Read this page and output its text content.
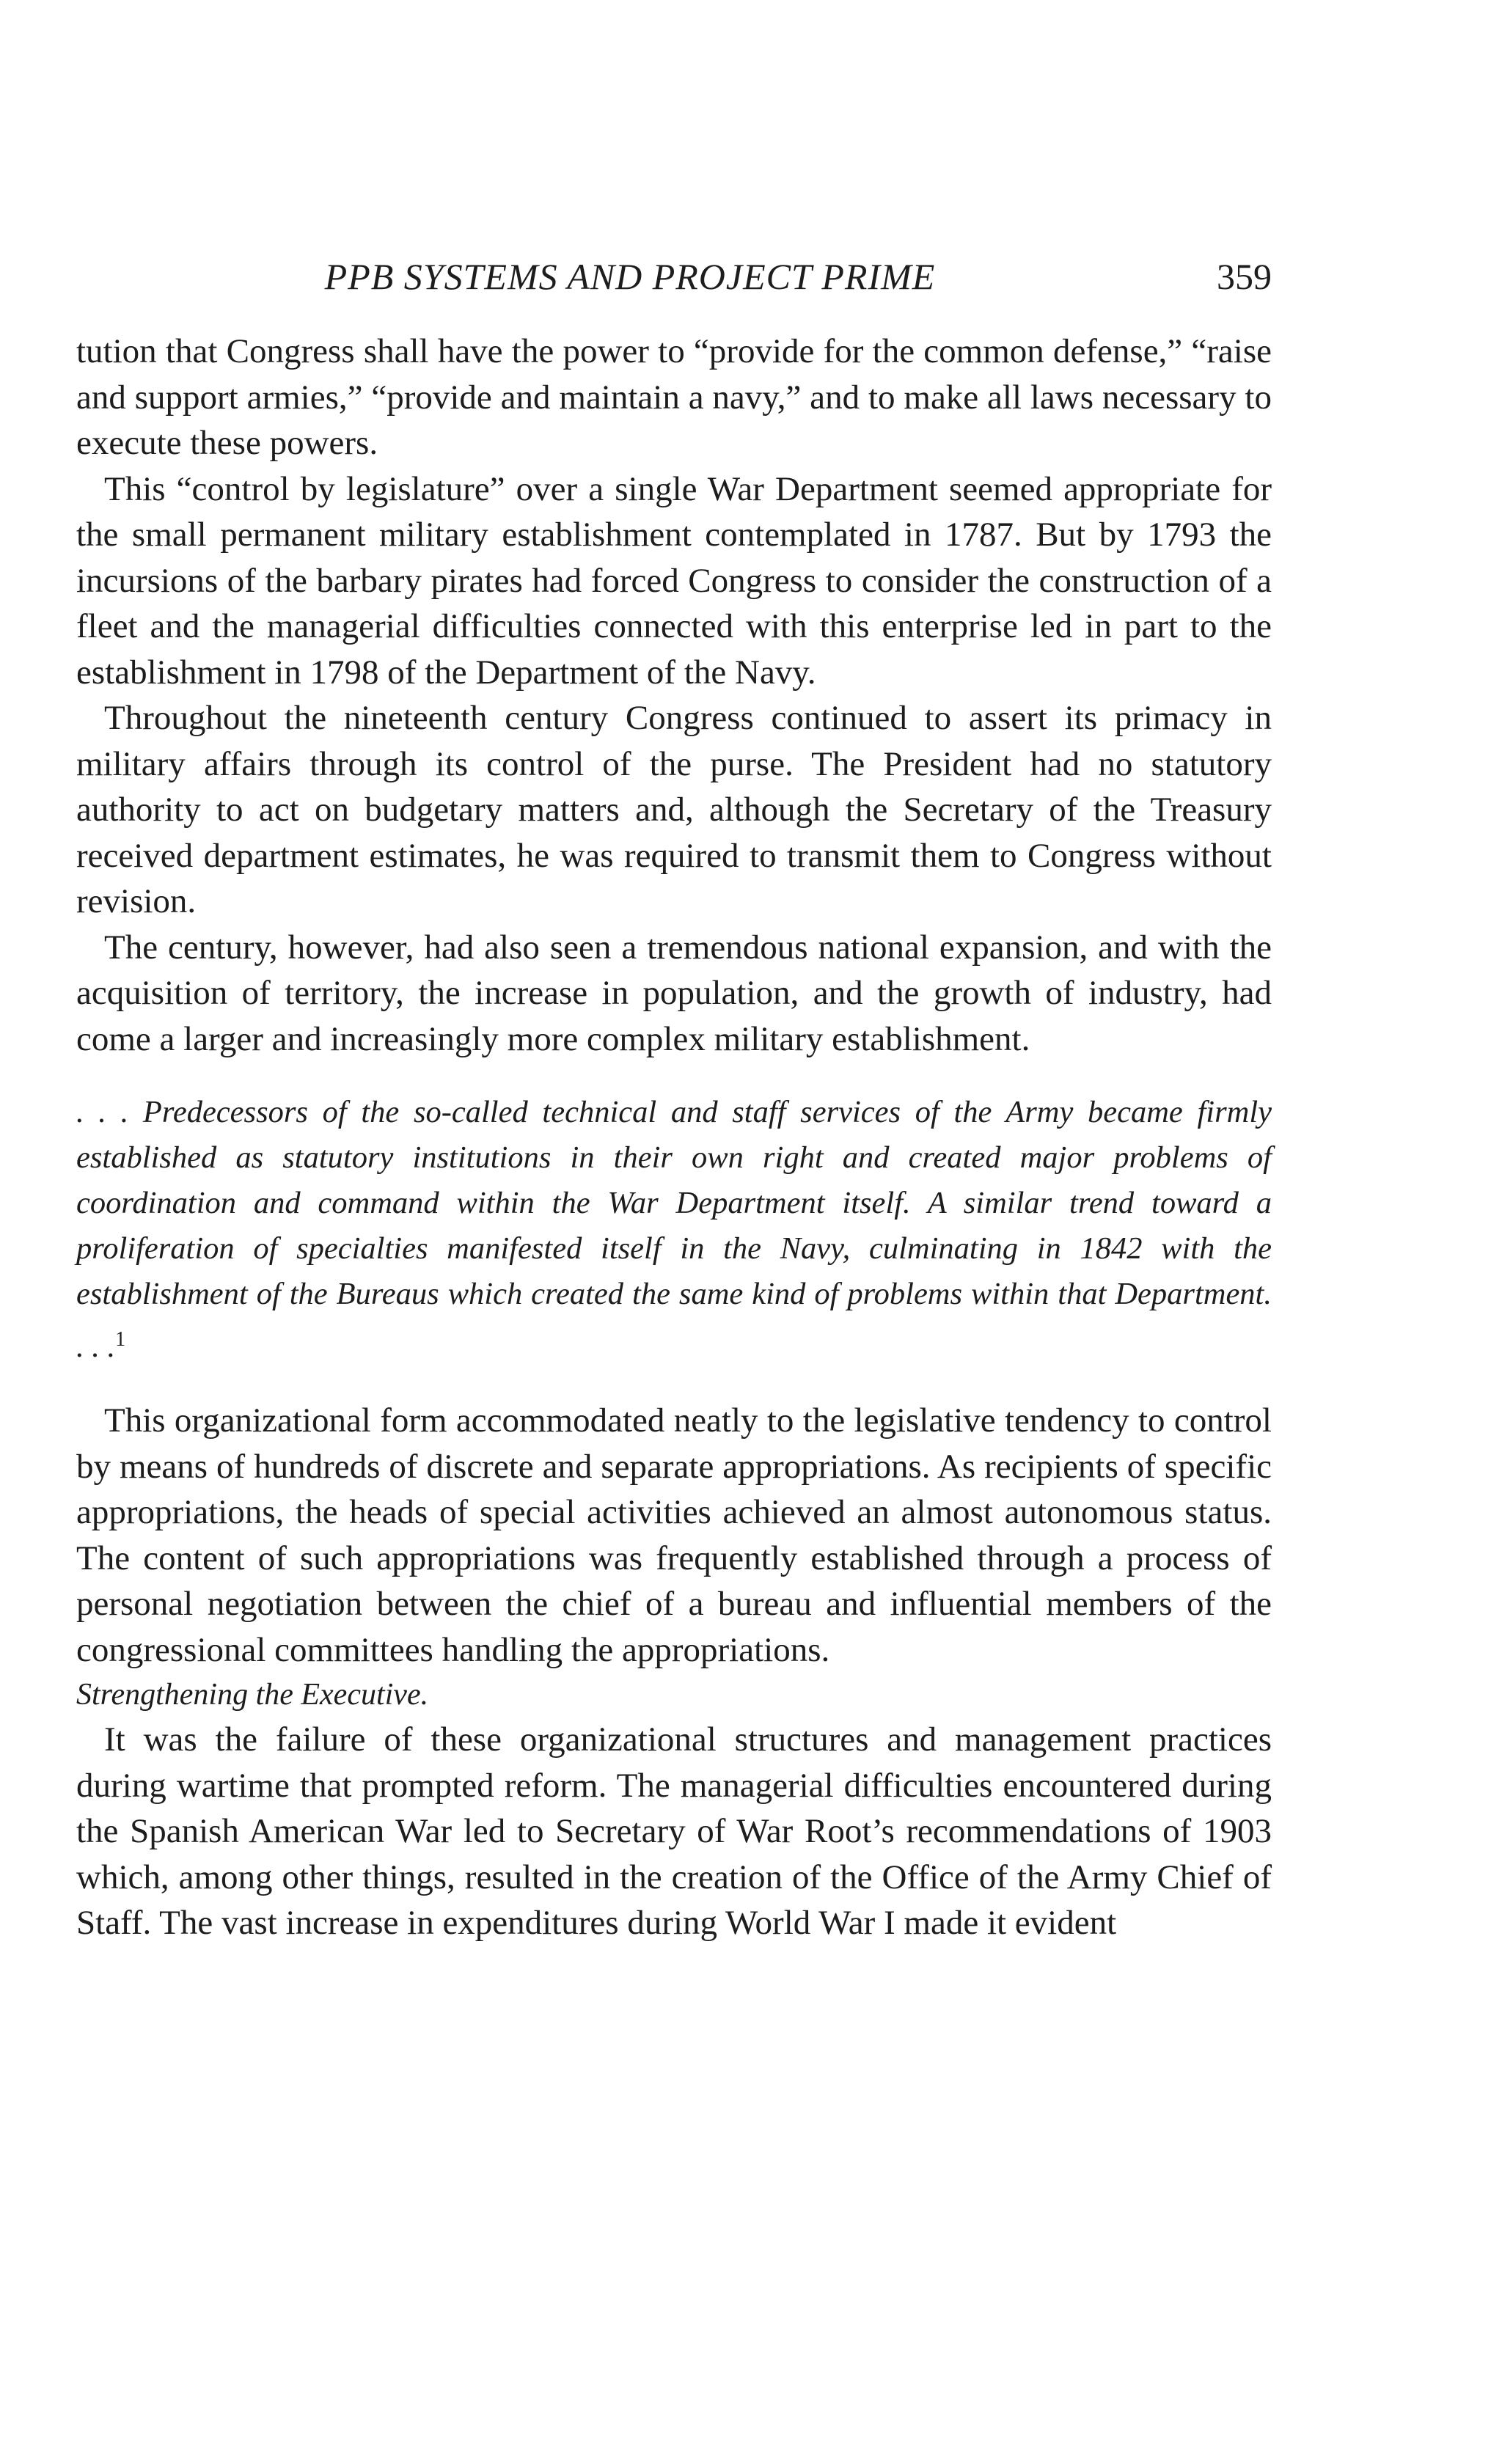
PPB SYSTEMS AND PROJECT PRIME	359

tution that Congress shall have the power to “provide for the common defense,” “raise and support armies,” “provide and maintain a navy,” and to make all laws necessary to execute these powers.

This “control by legislature” over a single War Department seemed appropriate for the small permanent military establishment contemplated in 1787. But by 1793 the incursions of the barbary pirates had forced Congress to consider the construction of a fleet and the managerial difficulties connected with this enterprise led in part to the establishment in 1798 of the Department of the Navy.

Throughout the nineteenth century Congress continued to assert its primacy in military affairs through its control of the purse. The President had no statutory authority to act on budgetary matters and, although the Secretary of the Treasury received department estimates, he was required to transmit them to Congress without revision.

The century, however, had also seen a tremendous national expansion, and with the acquisition of territory, the increase in population, and the growth of industry, had come a larger and increasingly more complex military establishment.

. . . Predecessors of the so-called technical and staff services of the Army became firmly established as statutory institutions in their own right and created major problems of coordination and command within the War Department itself. A similar trend toward a proliferation of specialties manifested itself in the Navy, culminating in 1842 with the establishment of the Bureaus which created the same kind of problems within that Department. . . .$^1$

This organizational form accommodated neatly to the legislative tendency to control by means of hundreds of discrete and separate appropriations. As recipients of specific appropriations, the heads of special activities achieved an almost autonomous status. The content of such appropriations was frequently established through a process of personal negotiation between the chief of a bureau and influential members of the congressional committees handling the appropriations.

Strengthening the Executive.

It was the failure of these organizational structures and management practices during wartime that prompted reform. The managerial difficulties encountered during the Spanish American War led to Secretary of War Root’s recommendations of 1903 which, among other things, resulted in the creation of the Office of the Army Chief of Staff. The vast increase in expenditures during World War I made it evident
